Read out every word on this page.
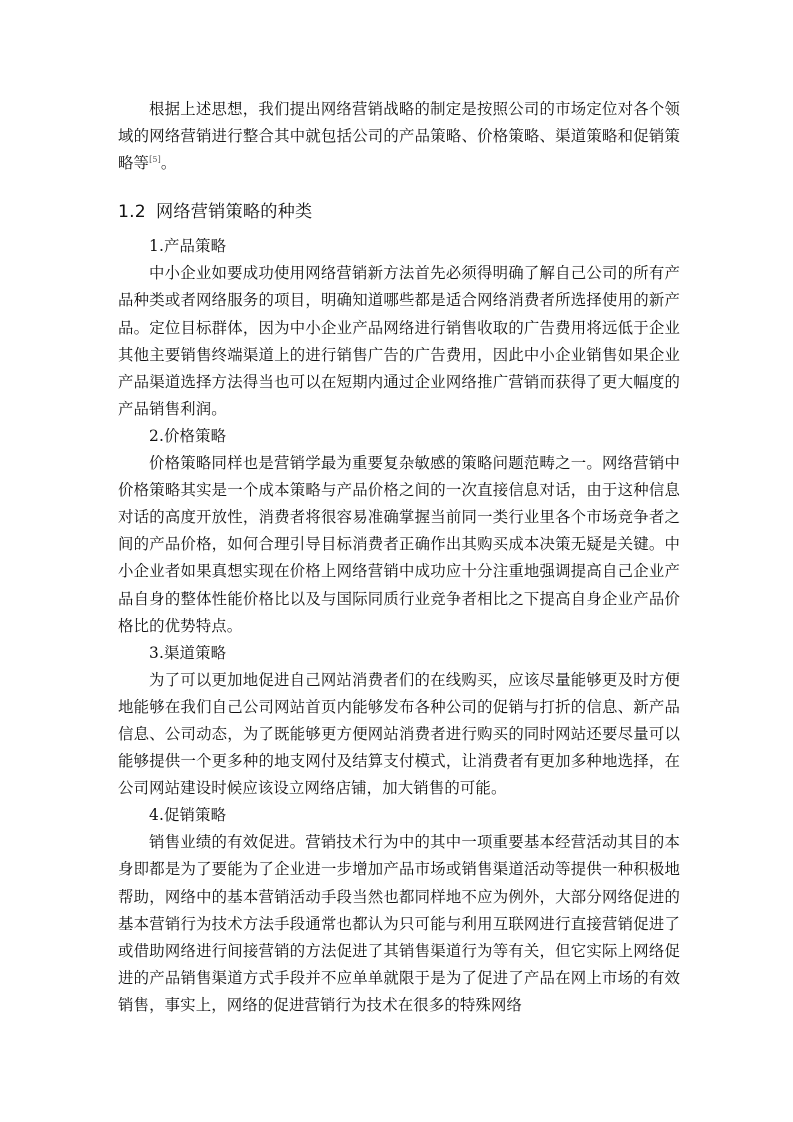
根据上述思想，我们提出网络营销战略的制定是按照公司的市场定位对各个领域的网络营销进行整合其中就包括公司的产品策略、价格策略、渠道策略和促销策略等[5]。

1.2 网络营销策略的种类

1.产品策略

中小企业如要成功使用网络营销新方法首先必须得明确了解自己公司的所有产品种类或者网络服务的项目，明确知道哪些都是适合网络消费者所选择使用的新产品。定位目标群体，因为中小企业产品网络进行销售收取的广告费用将远低于企业其他主要销售终端渠道上的进行销售广告的广告费用，因此中小企业销售如果企业产品渠道选择方法得当也可以在短期内通过企业网络推广营销而获得了更大幅度的产品销售利润。

2.价格策略

价格策略同样也是营销学最为重要复杂敏感的策略问题范畴之一。网络营销中价格策略其实是一个成本策略与产品价格之间的一次直接信息对话，由于这种信息对话的高度开放性，消费者将很容易准确掌握当前同一类行业里各个市场竞争者之间的产品价格，如何合理引导目标消费者正确作出其购买成本决策无疑是关键。中小企业者如果真想实现在价格上网络营销中成功应十分注重地强调提高自己企业产品自身的整体性能价格比以及与国际同质行业竞争者相比之下提高自身企业产品价格比的优势特点。

3.渠道策略

为了可以更加地促进自己网站消费者们的在线购买，应该尽量能够更及时方便地能够在我们自己公司网站首页内能够发布各种公司的促销与打折的信息、新产品信息、公司动态，为了既能够更方便网站消费者进行购买的同时网站还要尽量可以能够提供一个更多种的地支网付及结算支付模式，让消费者有更加多种地选择，在公司网站建设时候应该设立网络店铺，加大销售的可能。

4.促销策略

销售业绩的有效促进。营销技术行为中的其中一项重要基本经营活动其目的本身即都是为了要能为了企业进一步增加产品市场或销售渠道活动等提供一种积极地帮助，网络中的基本营销活动手段当然也都同样地不应为例外，大部分网络促进的基本营销行为技术方法手段通常也都认为只可能与利用互联网进行直接营销促进了或借助网络进行间接营销的方法促进了其销售渠道行为等有关，但它实际上网络促进的产品销售渠道方式手段并不应单单就限于是为了促进了产品在网上市场的有效销售，事实上，网络的促进营销行为技术在很多的特殊网络
